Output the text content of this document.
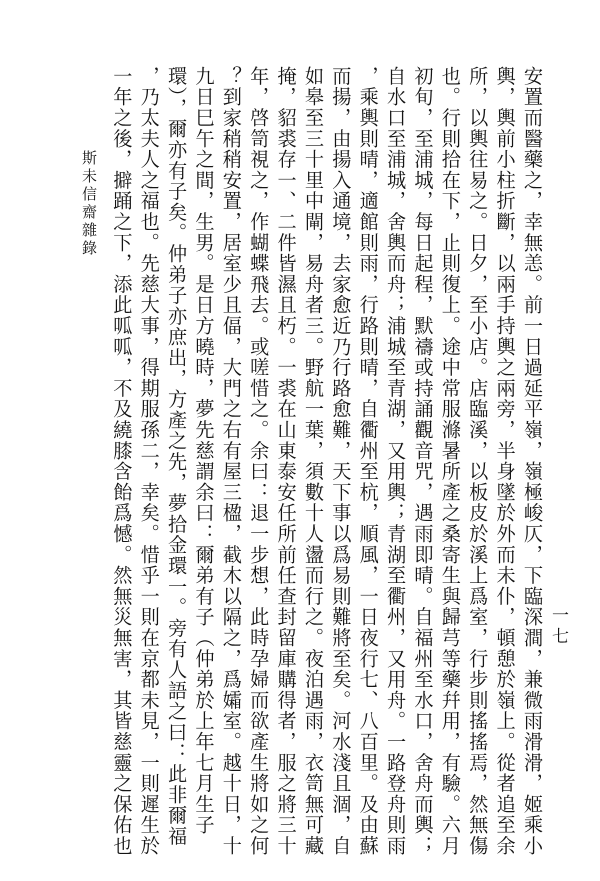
一七
安置而醫藥之，幸無恙。前一日過延平嶺，嶺極峻仄，下臨深澗，兼微雨滑滑，姬乘小
輿，輿前小柱折斷，以兩手持輿之兩旁，半身墜於外而未仆，頓憩於嶺上。從者追至余
所，以輿往易之。日夕，至小店。店臨溪，以板皮於溪上爲室，行步則搖搖焉，然無傷
也。行則拾在下，止則復上。途中常服滌暑所產之桑寄生與歸芎等藥幷用，有驗。六月
初旬，至浦城，每日起程，默禱或持誦觀音咒，遇雨即晴。自福州至水口，舍舟而輿；
自水口至浦城，舍輿而舟；浦城至青湖，又用輿；青湖至衢州，又用舟。一路登舟則雨
，乘輿則晴，適館則雨，行路則晴，自衢州至杭，順風，一日夜行七、八百里。及由蘇
而揚，由揚入通境，去家愈近乃行路愈難，天下事以爲易則難將至矣。河水淺且涸，自
如皋至三十里中閘，易舟者三。野航一葉，須數十人盪而行之。夜泊遇雨，衣笥無可藏
掩，貂裘存一、二件皆濕且朽。一裘在山東泰安任所前任查封留庫購得者，服之將三十
年，啓笥視之，作蝴蝶飛去。或嗟惜之。余曰：退一步想，此時孕婦而欲產生將如之何
？到家稍稍安置，居室少且偪，大門之右有屋三楹，截木以隔之，爲孀室。越十日，十
九日巳午之間，生男。是日方曉時，夢先慈謂余曰：爾弟有子（仲弟於上年七月生子
環），爾亦有子矣。仲弟子亦庶出，方產之先，夢拾金環一。旁有人語之曰：此非爾福
，乃太夫人之福也。先慈大事，得期服孫二，幸矣。惜乎一則在京都未見，一則遲生於
一年之後，擗踊之下，添此呱呱，不及繞膝含飴爲憾。然無災無害，其皆慈靈之保佑也
斯未信齋雜錄
